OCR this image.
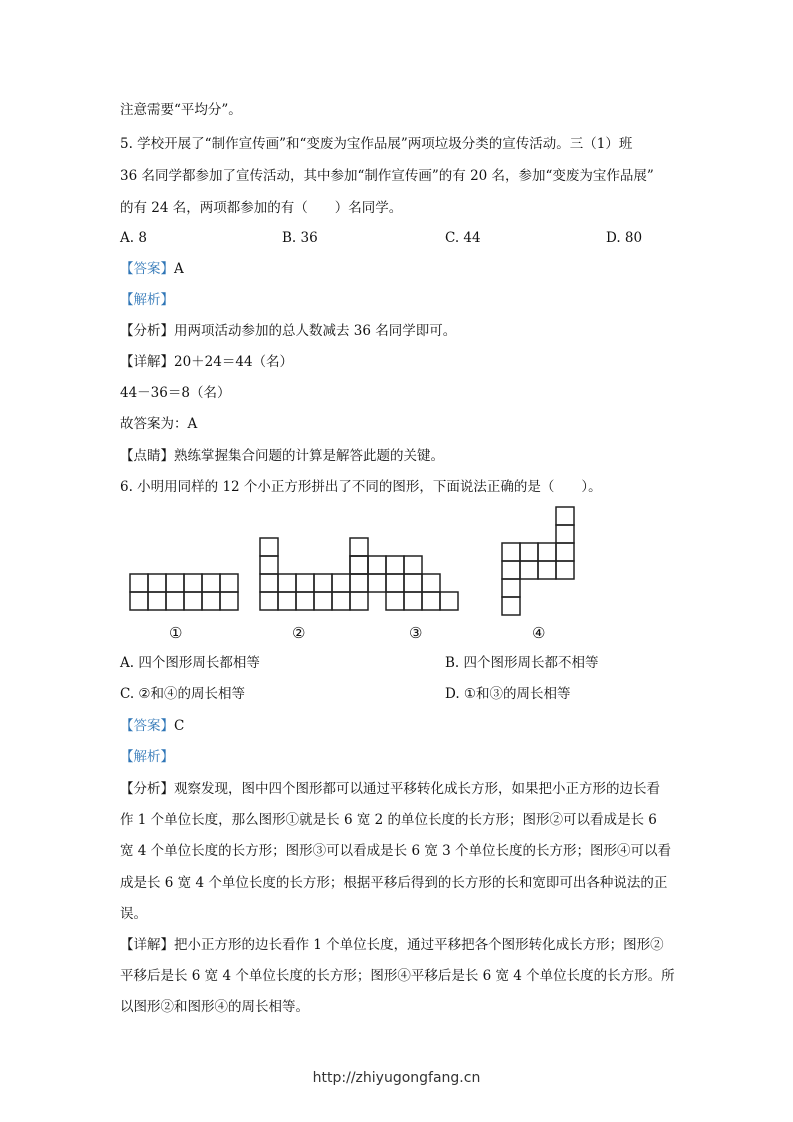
注意需要“平均分”。
5. 学校开展了“制作宣传画”和“变废为宝作品展”两项垃圾分类的宣传活动。三（1）班
36 名同学都参加了宣传活动，其中参加“制作宣传画”的有 20 名，参加“变废为宝作品展”
的有 24 名，两项都参加的有（　　）名同学。
A. 8	B. 36	C. 44	D. 80
【答案】A
【解析】
【分析】用两项活动参加的总人数减去 36 名同学即可。
【详解】20＋24＝44（名）
44－36＝8（名）
故答案为：A
【点睛】熟练掌握集合问题的计算是解答此题的关键。
6. 小明用同样的 12 个小正方形拼出了不同的图形，下面说法正确的是（　　）。
①	②	③	④
A. 四个图形周长都相等	B. 四个图形周长都不相等
C. ②和④的周长相等	D. ①和③的周长相等
【答案】C
【解析】
【分析】观察发现，图中四个图形都可以通过平移转化成长方形，如果把小正方形的边长看
作 1 个单位长度，那么图形①就是长 6 宽 2 的单位长度的长方形；图形②可以看成是长 6
宽 4 个单位长度的长方形；图形③可以看成是长 6 宽 3 个单位长度的长方形；图形④可以看
成是长 6 宽 4 个单位长度的长方形；根据平移后得到的长方形的长和宽即可出各种说法的正
误。
【详解】把小正方形的边长看作 1 个单位长度，通过平移把各个图形转化成长方形；图形②
平移后是长 6 宽 4 个单位长度的长方形；图形④平移后是长 6 宽 4 个单位长度的长方形。所
以图形②和图形④的周长相等。
http://zhiyugongfang.cn
